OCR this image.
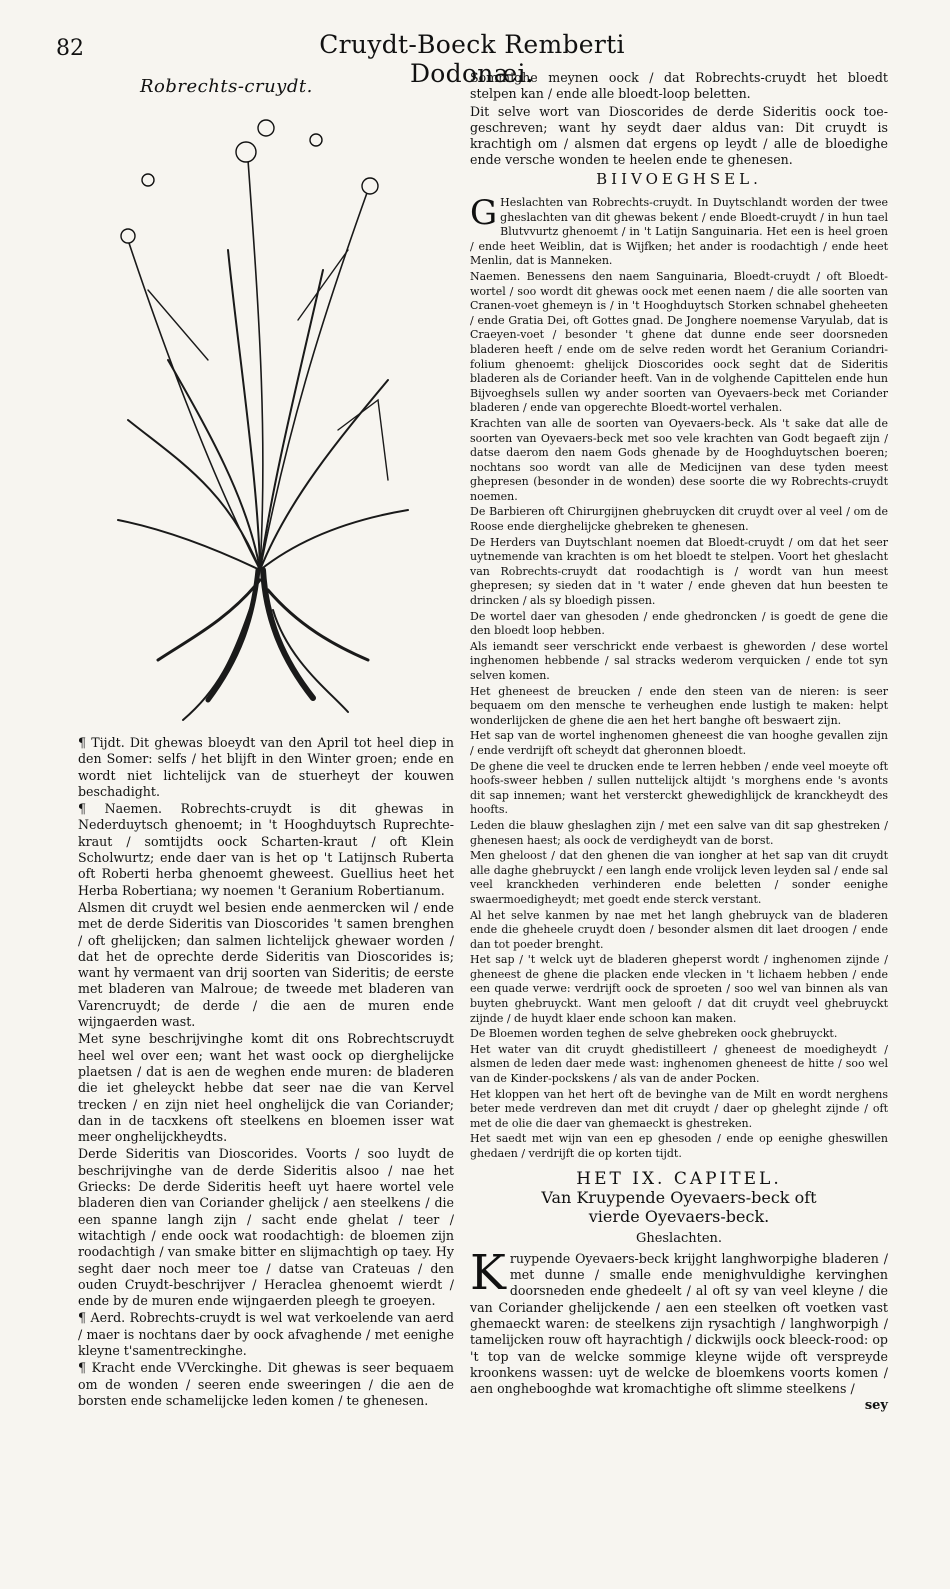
82	Cruydt-Boeck Remberti Dodonæi.
Robrechts-cruydt.	Sommighe meynen oock / dat Robrechts-cruydt het bloedt stelpen kan / ende alle bloedt-loop beletten.

Dit selve wort van Dioscorides de derde Sideritis oock toe-geschreven; want hy seydt daer aldus van: Dit cruydt is krachtigh om / alsmen dat ergens op leydt / alle de bloedighe ende versche wonden te heelen ende te ghenesen.

BIIVOEGHSEL.

G Heslachten van Robrechts-cruydt. In Duytschlandt worden der twee gheslachten van dit ghewas bekent / ende Bloedt-cruydt / in hun tael Blutvvurtz ghenoemt / in 't Latijn Sanguinaria. Het een is heel groen / ende heet Weiblin, dat is Wijfken; het ander is roodachtigh / ende heet Menlin, dat is Manneken.

Naemen. Benessens den naem Sanguinaria, Bloedt-cruydt / oft Bloedt-wortel / soo wordt dit ghewas oock met eenen naem / die alle soorten van Cranen-voet ghemeyn is / in 't Hooghduytsch Storken schnabel gheheeten / ende Gratia Dei, oft Gottes gnad. De Jonghere noemense Varyulab, dat is Craeyen-voet / besonder 't ghene dat dunne ende seer doorsneden bladeren heeft / ende om de selve reden wordt het Geranium Coriandri-folium ghenoemt: ghelijck Dioscorides oock seght dat de Sideritis bladeren als de Coriander heeft. Van in de volghende Capittelen ende hun Bijvoeghsels sullen wy ander soorten van Oyevaers-beck met Coriander bladeren / ende van opgerechte Bloedt-wortel verhalen.

Krachten van alle de soorten van Oyevaers-beck. Als 't sake dat alle de soorten van Oyevaers-beck met soo vele krachten van Godt begaeft zijn / datse daerom den naem Gods ghenade by de Hooghduytschen boeren; nochtans soo wordt van alle de Medicijnen van dese tyden meest ghepresen (besonder in de wonden) dese soorte die wy Robrechts-cruydt noemen.

De Barbieren oft Chirurgijnen ghebruycken dit cruydt over al veel / om de Roose ende dierghelijcke ghebreken te ghenesen.

De Herders van Duytschlant noemen dat Bloedt-cruydt / om dat het seer uytnemende van krachten is om het bloedt te stelpen. Voort het gheslacht van Robrechts-cruydt dat roodachtigh is / wordt van hun meest ghepresen; sy sieden dat in 't water / ende gheven dat hun beesten te drincken / als sy bloedigh pissen.

De wortel daer van ghesoden / ende ghedroncken / is goedt de gene die den bloedt loop hebben.

Als iemandt seer verschrickt ende verbaest is gheworden / dese wortel inghenomen hebbende / sal stracks wederom verquicken / ende tot syn selven komen.

Het gheneest de breucken / ende den steen van de nieren: is seer bequaem om den mensche te verheughen ende lustigh te maken: helpt wonderlijcken de ghene die aen het hert banghe oft beswaert zijn.

Het sap van de wortel inghenomen gheneest die van hooghe gevallen zijn / ende verdrijft oft scheydt dat gheronnen bloedt.

De ghene die veel te drucken ende te lerren hebben / ende veel moeyte oft hoofs-sweer hebben / sullen nuttelijck altijdt 's morghens ende 's avonts dit sap innemen; want het versterckt ghewedighlijck de kranckheydt des hoofts.

Leden die blauw gheslaghen zijn / met een salve van dit sap ghestreken / ghenesen haest; als oock de verdigheydt van de borst.

Men gheloost / dat den ghenen die van iongher at het sap van dit cruydt alle daghe ghebruyckt / een langh ende vrolijck leven leyden sal / ende sal veel kranckheden verhinderen ende beletten / sonder eenighe swaermoedigheydt; met goedt ende sterck verstant.

Al het selve kanmen by nae met het langh ghebruyck van de bladeren ende die gheheele cruydt doen / besonder alsmen dit laet droogen / ende dan tot poeder brenght.

Het sap / 't welck uyt de bladeren gheperst wordt / inghenomen zijnde / gheneest de ghene die placken ende vlecken in 't lichaem hebben / ende een quade verwe: verdrijft oock de sproeten / soo wel van binnen als van buyten ghebruyckt. Want men gelooft / dat dit cruydt veel ghebruyckt zijnde / de huydt klaer ende schoon kan maken.

De Bloemen worden teghen de selve ghebreken oock ghebruyckt.

Het water van dit cruydt ghedistilleert / gheneest de moedigheydt / alsmen de leden daer mede wast: inghenomen gheneest de hitte / soo wel van de Kinder-pockskens / als van de ander Pocken.

Het kloppen van het hert oft de bevinghe van de Milt en wordt nerghens beter mede verdreven dan met dit cruydt / daer op gheleght zijnde / oft met de olie die daer van ghemaeckt is ghestreken.

Het saedt met wijn van een ep ghesoden / ende op eenighe gheswillen ghedaen / verdrijft die op korten tijdt.

HET IX. CAPITEL.
Van Kruypende Oyevaers-beck oft
vierde Oyevaers-beck.
Gheslachten.

Kruypende Oyevaers-beck krijght langhworpighe bladeren / met dunne / smalle ende menighvuldighe kervinghen doorsneden ende ghedeelt / al oft sy van veel kleyne / die van Coriander ghelijckende / aen een steelken oft voetken vast ghemaeckt waren: de steelkens zijn rysachtigh / langhworpigh / tamelijcken rouw oft hayrachtigh / dickwijls oock bleeck-rood: op 't top van de welcke sommige kleyne wijde oft verspreyde kroonkens wassen: uyt de welcke de bloemkens voorts komen / aen onghebooghde wat kromachtighe oft slimme steelkens /

sey

¶ Tijdt. Dit ghewas bloeydt van den April tot heel diep in den Somer: selfs / het blijft in den Winter groen; ende en wordt niet lichtelijck van de stuerheyt der kouwen beschadight.

¶ Naemen. Robrechts-cruydt is dit ghewas in Nederduytsch ghenoemt; in 't Hooghduytsch Ruprechte-kraut / somtijdts oock Scharten-kraut / oft Klein Scholwurtz; ende daer van is het op 't Latijnsch Ruberta oft Roberti herba ghenoemt gheweest. Guellius heet het Herba Robertiana; wy noemen 't Geranium Robertianum.

Alsmen dit cruydt wel besien ende aenmercken wil / ende met de derde Sideritis van Dioscorides 't samen brenghen / oft ghelijcken; dan salmen lichtelijck ghewaer worden / dat het de oprechte derde Sideritis van Dioscorides is; want hy vermaent van drij soorten van Sideritis; de eerste met bladeren van Malroue; de tweede met bladeren van Varencruydt; de derde / die aen de muren ende wijngaerden wast.

Met syne beschrijvinghe komt dit ons Robrechtscruydt heel wel over een; want het wast oock op dierghelijcke plaetsen / dat is aen de weghen ende muren: de bladeren die iet gheleyckt hebbe dat seer nae die van Kervel trecken / en zijn niet heel onghelijck die van Coriander; dan in de tacxkens oft steelkens en bloemen isser wat meer onghelijckheydts.

Derde Sideritis van Dioscorides. Voorts / soo luydt de beschrijvinghe van de derde Sideritis alsoo / nae het Griecks: De derde Sideritis heeft uyt haere wortel vele bladeren dien van Coriander ghelijck / aen steelkens / die een spanne langh zijn / sacht ende ghelat / teer / witachtigh / ende oock wat roodachtigh: de bloemen zijn roodachtigh / van smake bitter en slijmachtigh op taey. Hy seght daer noch meer toe / datse van Crateuas / den ouden Cruydt-beschrijver / Heraclea ghenoemt wierdt / ende by de muren ende wijngaerden pleegh te groeyen.

¶ Aerd. Robrechts-cruydt is wel wat verkoelende van aerd / maer is nochtans daer by oock afvaghende / met eenighe kleyne t'samentreckinghe.

¶ Kracht ende VVerckinghe. Dit ghewas is seer bequaem om de wonden / seeren ende sweeringen / die aen de borsten ende schamelijcke leden komen / te ghenesen.
